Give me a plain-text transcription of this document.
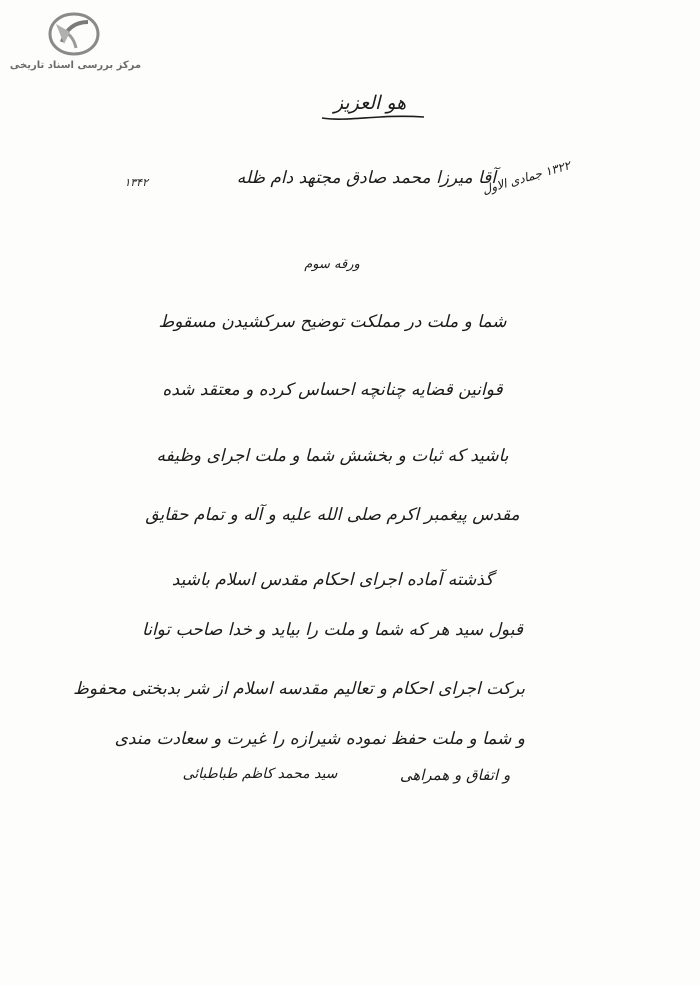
مرکز بررسی اسناد تاریخی
هو العزیز
۱۳۲۲ جمادی الاول
۱۳۴۲	آقا میرزا محمد صادق مجتهد دام ظله
ورقه سوم
شما و ملت در مملکت توضیح سرکشیدن مسقوط
قوانین قضایه چنانچه احساس کرده و معتقد شده
باشید که ثبات و بخشش شما و ملت اجرای وظیفه
مقدس پیغمبر اکرم صلی الله علیه و آله و تمام حقایق
گذشته آماده اجرای احکام مقدس اسلام باشید
قبول سید هر که شما و ملت را بیاید و خدا صاحب توانا
برکت اجرای احکام و تعالیم مقدسه اسلام از شر بدبختی محفوظ
و شما و ملت حفظ نموده شیرازه را غیرت و سعادت مندی
و اتفاق و همراهی
سید محمد کاظم طباطبائی
